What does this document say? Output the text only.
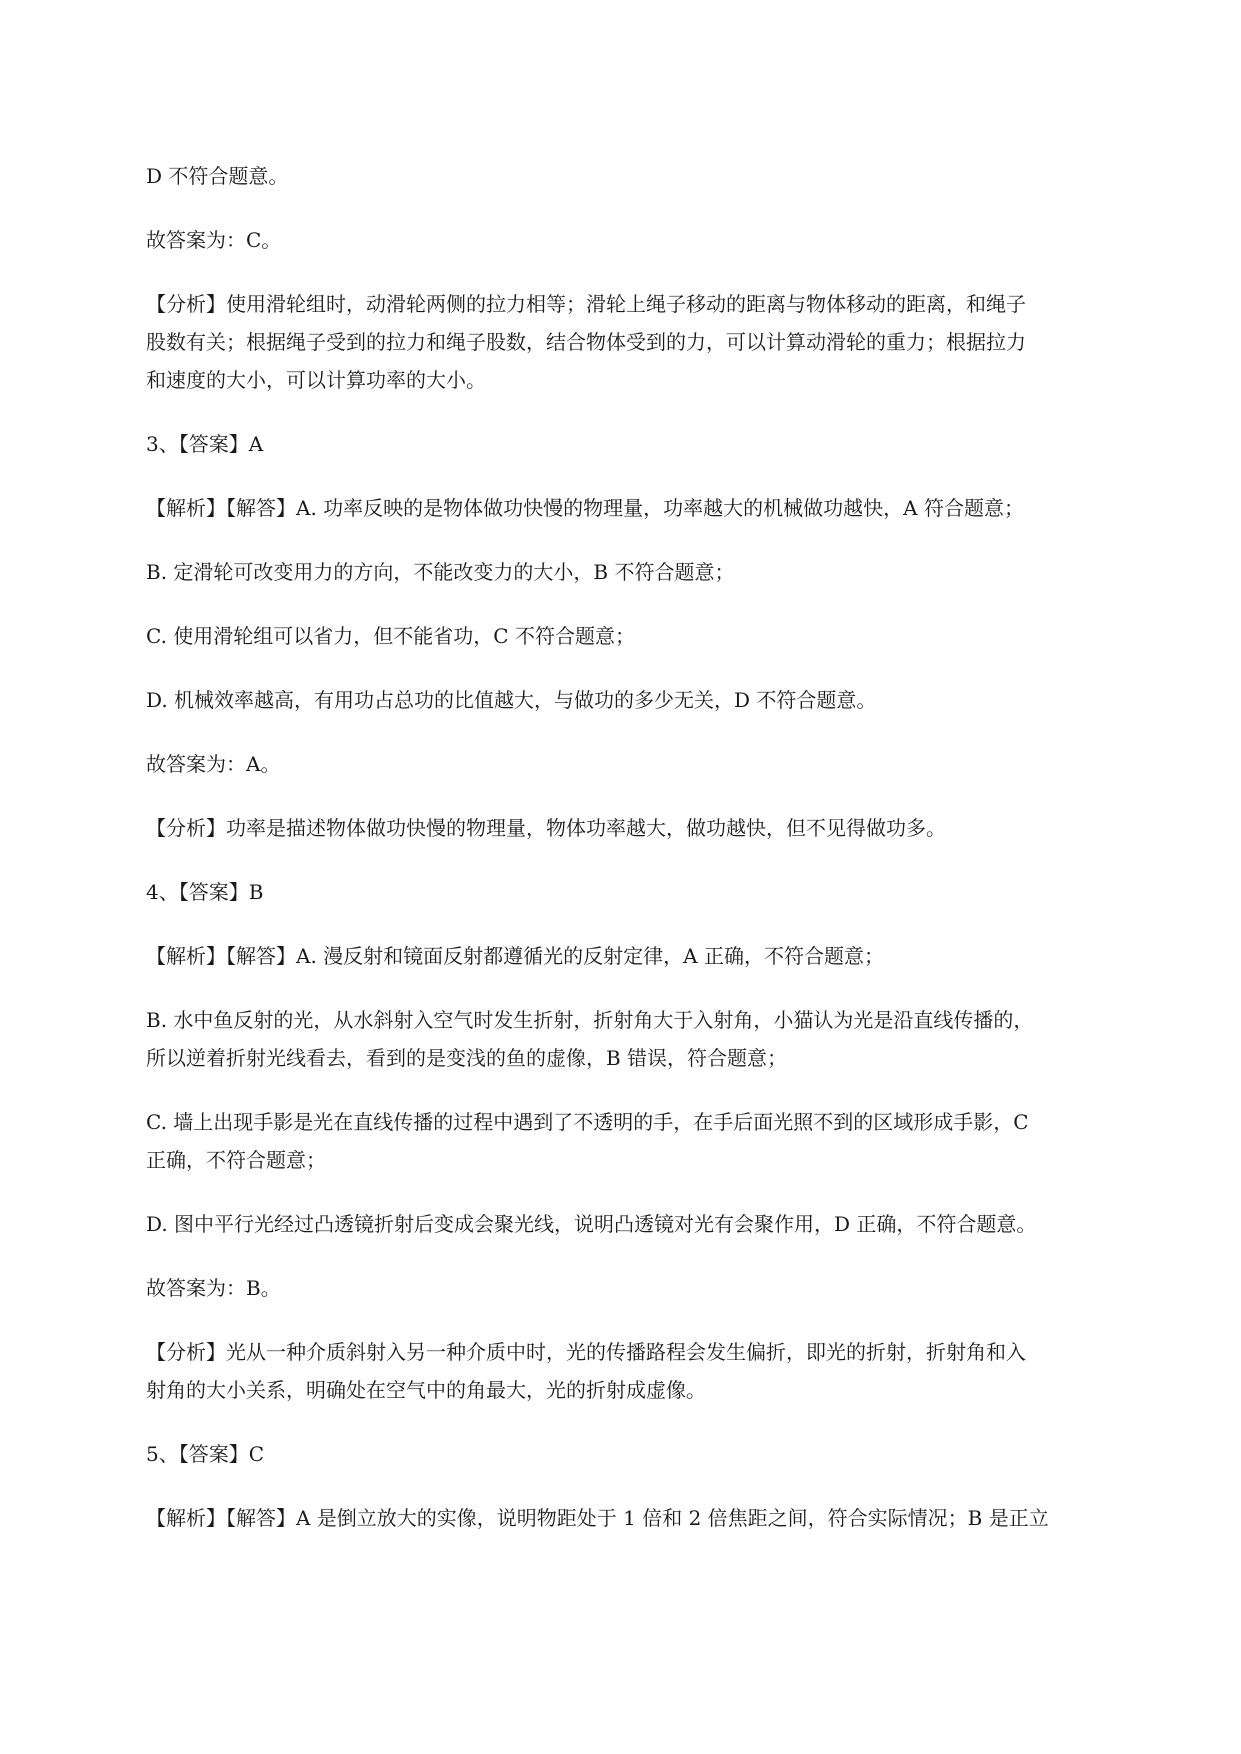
D 不符合题意。

故答案为：C。

【分析】使用滑轮组时，动滑轮两侧的拉力相等；滑轮上绳子移动的距离与物体移动的距离，和绳子
股数有关；根据绳子受到的拉力和绳子股数，结合物体受到的力，可以计算动滑轮的重力；根据拉力
和速度的大小，可以计算功率的大小。

3、【答案】A

【解析】【解答】A. 功率反映的是物体做功快慢的物理量，功率越大的机械做功越快，A 符合题意；

B. 定滑轮可改变用力的方向，不能改变力的大小，B 不符合题意；

C. 使用滑轮组可以省力，但不能省功，C 不符合题意；

D. 机械效率越高，有用功占总功的比值越大，与做功的多少无关，D 不符合题意。

故答案为：A。

【分析】功率是描述物体做功快慢的物理量，物体功率越大，做功越快，但不见得做功多。

4、【答案】B

【解析】【解答】A. 漫反射和镜面反射都遵循光的反射定律，A 正确，不符合题意；

B. 水中鱼反射的光，从水斜射入空气时发生折射，折射角大于入射角，小猫认为光是沿直线传播的，
所以逆着折射光线看去，看到的是变浅的鱼的虚像，B 错误，符合题意；

C. 墙上出现手影是光在直线传播的过程中遇到了不透明的手，在手后面光照不到的区域形成手影，C
正确，不符合题意；

D. 图中平行光经过凸透镜折射后变成会聚光线，说明凸透镜对光有会聚作用，D 正确，不符合题意。

故答案为：B。

【分析】光从一种介质斜射入另一种介质中时，光的传播路程会发生偏折，即光的折射，折射角和入
射角的大小关系，明确处在空气中的角最大，光的折射成虚像。

5、【答案】C

【解析】【解答】A 是倒立放大的实像，说明物距处于 1 倍和 2 倍焦距之间，符合实际情况；B 是正立
